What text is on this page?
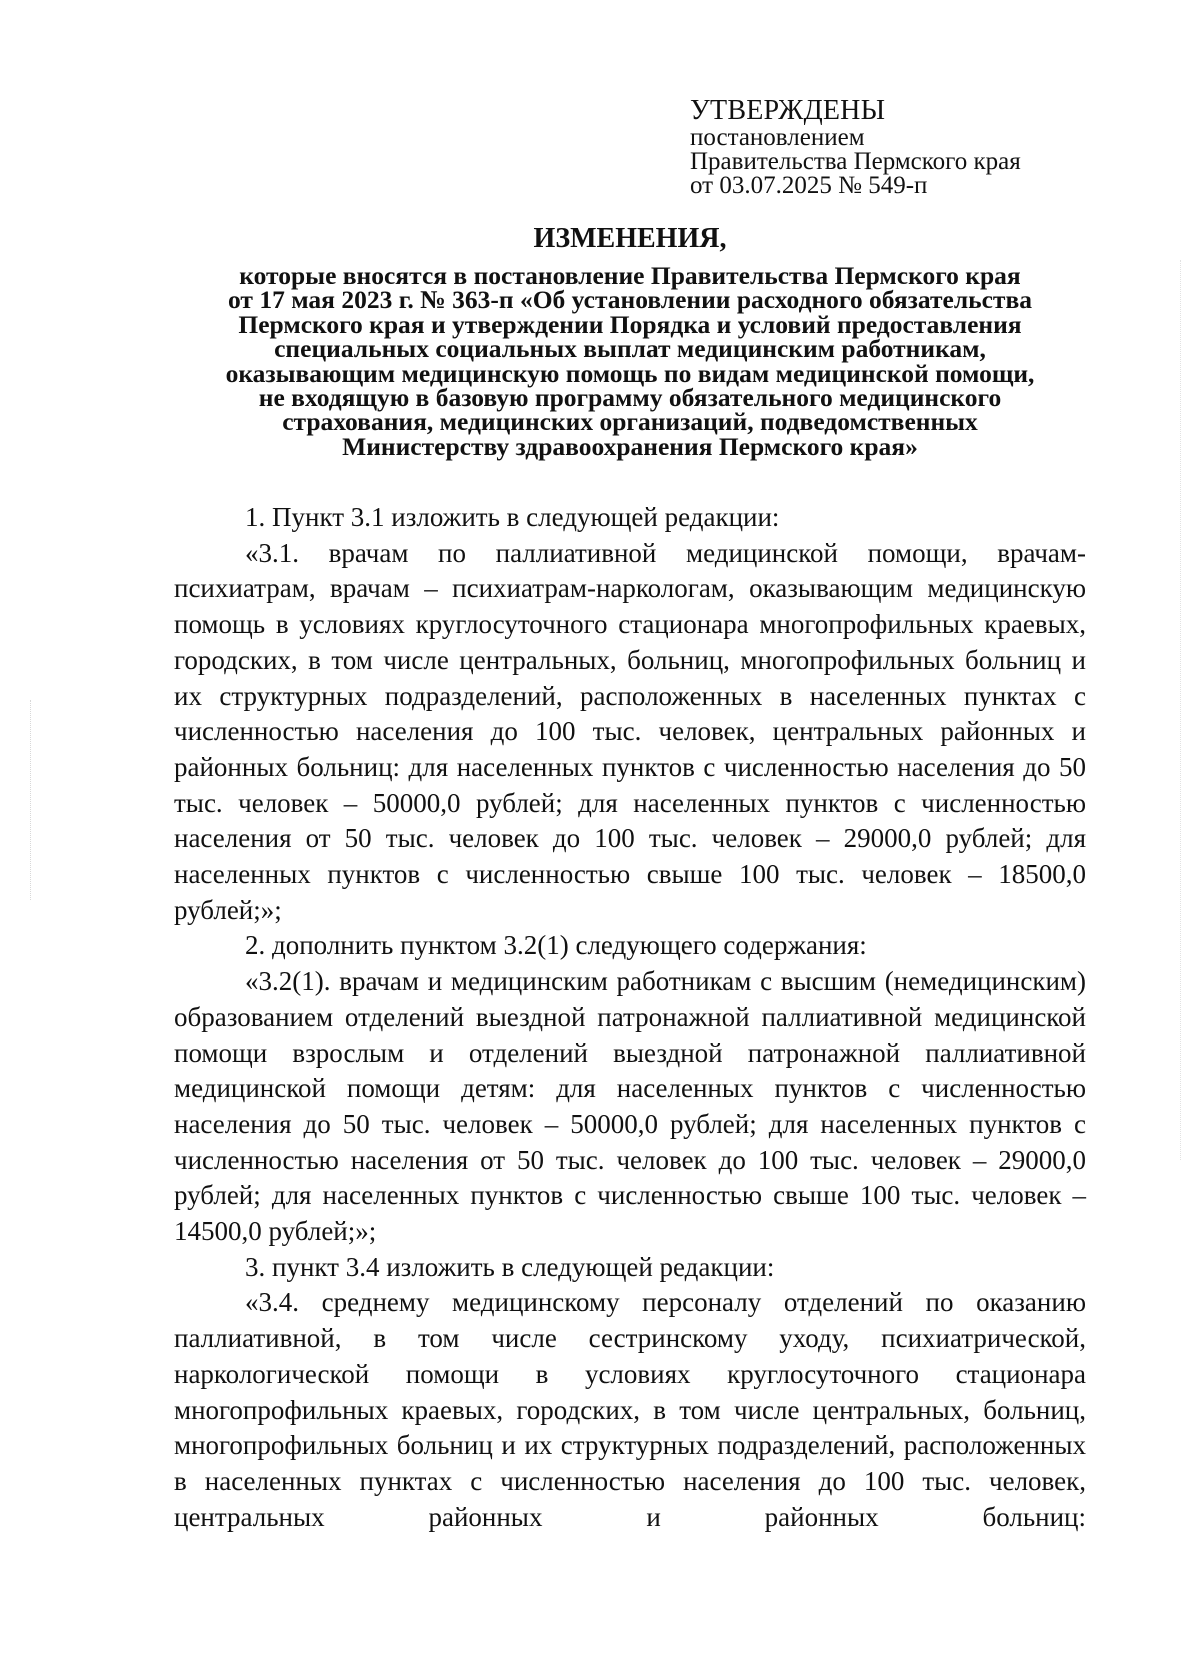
УТВЕРЖДЕНЫ
постановлением
Правительства Пермского края
от 03.07.2025 № 549-п
ИЗМЕНЕНИЯ,
которые вносятся в постановление Правительства Пермского края
от 17 мая 2023 г. № 363-п «Об установлении расходного обязательства
Пермского края и утверждении Порядка и условий предоставления
специальных социальных выплат медицинским работникам,
оказывающим медицинскую помощь по видам медицинской помощи,
не входящую в базовую программу обязательного медицинского
страхования, медицинских организаций, подведомственных
Министерству здравоохранения Пермского края»

1. Пункт 3.1 изложить в следующей редакции:

«3.1. врачам по паллиативной медицинской помощи, врачам-психиатрам, врачам – психиатрам-наркологам, оказывающим медицинскую помощь в условиях круглосуточного стационара многопрофильных краевых, городских, в том числе центральных, больниц, многопрофильных больниц и их структурных подразделений, расположенных в населенных пунктах с численностью населения до 100 тыс. человек, центральных районных и районных больниц: для населенных пунктов с численностью населения до 50 тыс. человек – 50000,0 рублей; для населенных пунктов с численностью населения от 50 тыс. человек до 100 тыс. человек – 29000,0 рублей; для населенных пунктов с численностью свыше 100 тыс. человек – 18500,0 рублей;»;

2. дополнить пунктом 3.2(1) следующего содержания:

«3.2(1). врачам и медицинским работникам с высшим (немедицинским) образованием отделений выездной патронажной паллиативной медицинской помощи взрослым и отделений выездной патронажной паллиативной медицинской помощи детям: для населенных пунктов с численностью населения до 50 тыс. человек – 50000,0 рублей; для населенных пунктов с численностью населения от 50 тыс. человек до 100 тыс. человек – 29000,0 рублей; для населенных пунктов с численностью свыше 100 тыс. человек – 14500,0 рублей;»;

3. пункт 3.4 изложить в следующей редакции:

«3.4. среднему медицинскому персоналу отделений по оказанию паллиативной, в том числе сестринскому уходу, психиатрической, наркологической помощи в условиях круглосуточного стационара многопрофильных краевых, городских, в том числе центральных, больниц, многопрофильных больниц и их структурных подразделений, расположенных в населенных пунктах с численностью населения до 100 тыс. человек, центральных районных и районных больниц:
